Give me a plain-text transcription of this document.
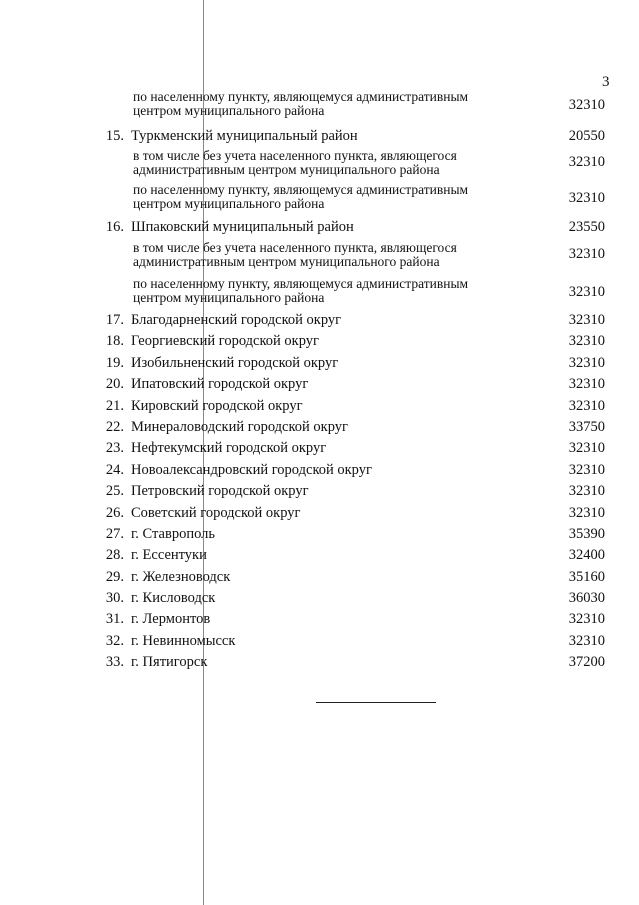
3
по населенному пункту, являющемуся административным
центром муниципального района	32310
15. Туркменский муниципальный район	20550
в том числе без учета населенного пункта, являющегося
административным центром муниципального района	32310
по населенному пункту, являющемуся административным
центром муниципального района	32310
16. Шпаковский муниципальный район	23550
в том числе без учета населенного пункта, являющегося
административным центром муниципального района	32310
по населенному пункту, являющемуся административным
центром муниципального района	32310
17. Благодарненский городской округ	32310
18. Георгиевский городской округ	32310
19. Изобильненский городской округ	32310
20. Ипатовский городской округ	32310
21. Кировский городской округ	32310
22. Минераловодский городской округ	33750
23. Нефтекумский городской округ	32310
24. Новоалександровский городской округ	32310
25. Петровский городской округ	32310
26. Советский городской округ	32310
27. г. Ставрополь	35390
28. г. Ессентуки	32400
29. г. Железноводск	35160
30. г. Кисловодск	36030
31. г. Лермонтов	32310
32. г. Невинномысск	32310
33. г. Пятигорск	37200
